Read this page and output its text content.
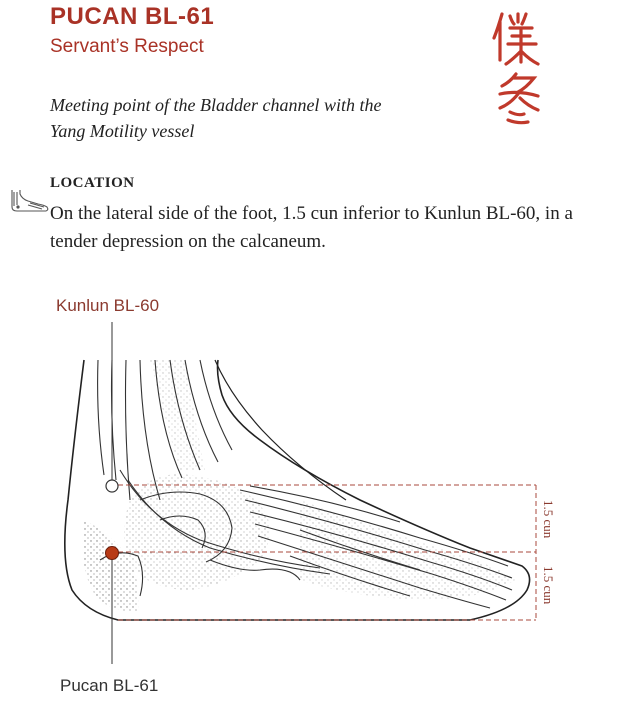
PUCAN BL-61
Servant’s Respect
Meeting point of the Bladder channel with the
Yang Motility vessel
LOCATION
On the lateral side of the foot, 1.5 cun inferior to Kunlun BL-60, in a tender depression on the calcaneum.
Kunlun BL-60
Pucan BL-61
1.5 cun
1.5 cun
